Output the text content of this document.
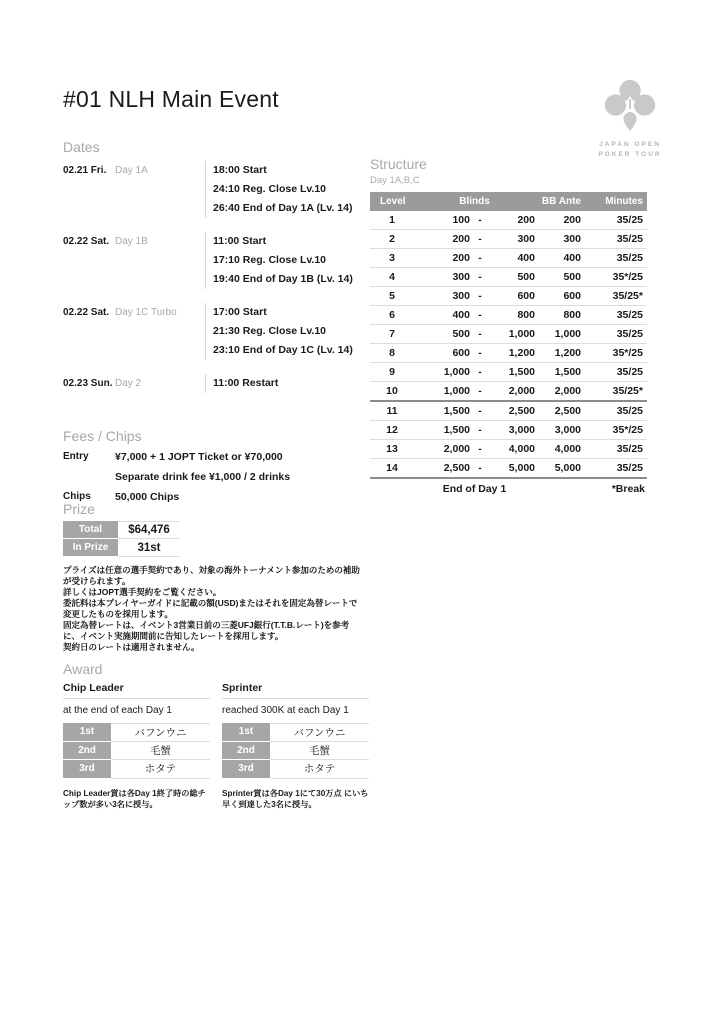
#01 NLH Main Event
JAPAN OPEN
POKER TOUR
Dates
02.21 Fri. Day 1A	18:00 Start
24:10 Reg. Close Lv.10
26:40 End of Day 1A (Lv. 14)
02.22 Sat. Day 1B	11:00 Start
17:10 Reg. Close Lv.10
19:40 End of Day 1B (Lv. 14)
02.22 Sat. Day 1C Turbo	17:00 Start
21:30 Reg. Close Lv.10
23:10 End of Day 1C (Lv. 14)
02.23 Sun. Day 2	11:00 Restart
Structure
Day 1A,B,C
Level	Blinds	BB Ante	Minutes
1	100 -	200	200	35/25
2	200 -	300	300	35/25
3	200 -	400	400	35/25
4	300 -	500	500	35*/25
5	300 -	600	600	35/25*
6	400 -	800	800	35/25
7	500 -	1,000	1,000	35/25
8	600 -	1,200	1,200	35*/25
9	1,000 -	1,500	1,500	35/25
10	1,000 -	2,000	2,000	35/25*
11	1,500 -	2,500	2,500	35/25
12	1,500 -	3,000	3,000	35*/25
13	2,000 -	4,000	4,000	35/25
14	2,500 -	5,000	5,000	35/25
End of Day 1	*Break
Fees / Chips
Entry	¥7,000 + 1 JOPT Ticket or ¥70,000
Separate drink fee ¥1,000 / 2 drinks
Chips	50,000 Chips
Prize
Total	$64,476
In Prize	31st
プライズは任意の選手契約であり、対象の海外トーナメント参加のための補助が受けられます。
詳しくはJOPT選手契約をご覧ください。
委託料は本プレイヤーガイドに記載の額(USD)またはそれを固定為替レートで変更したものを採用します。
固定為替レートは、イベント3営業日前の三菱UFJ銀行(T.T.B.レート)を参考に、イベント実施期間前に告知したレートを採用します。
契約日のレートは適用されません。
Award
Chip Leader
at the end of each Day 1
1st	バフンウニ
2nd	毛蟹
3rd	ホタテ
Chip Leader賞は各Day 1終了時の総チップ数が多い3名に授与。
Sprinter
reached 300K at each Day 1
1st	バフンウニ
2nd	毛蟹
3rd	ホタテ
Sprinter賞は各Day 1にて30万点 にいち早く到達した3名に授与。
